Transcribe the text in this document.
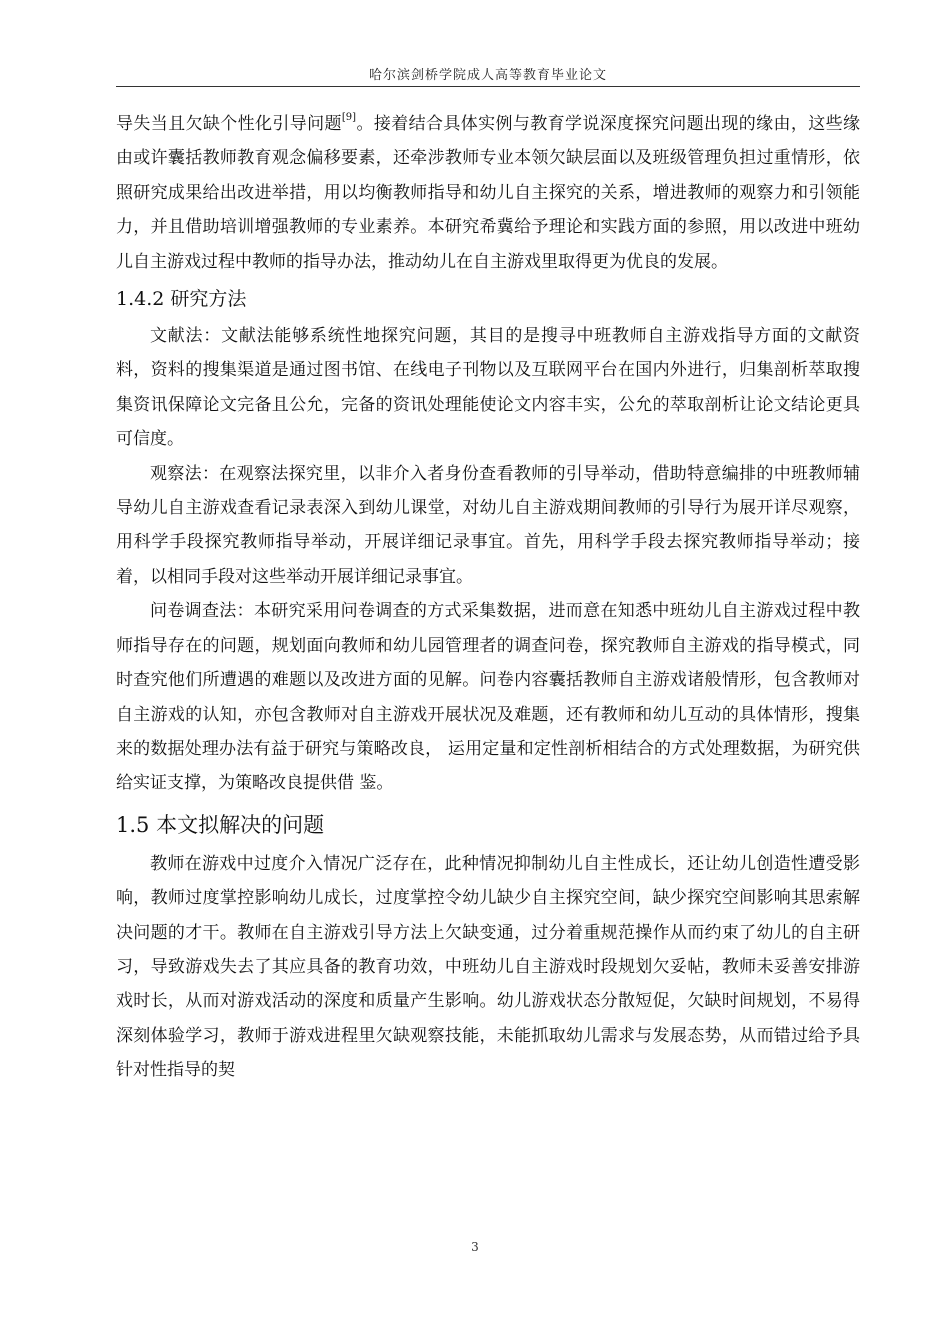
哈尔滨剑桥学院成人高等教育毕业论文

导失当且欠缺个性化引导问题[9]。接着结合具体实例与教育学说深度探究问题出现的缘由，这些缘由或许囊括教师教育观念偏移要素，还牵涉教师专业本领欠缺层面以及班级管理负担过重情形，依照研究成果给出改进举措，用以均衡教师指导和幼儿自主探究的关系，增进教师的观察力和引领能力，并且借助培训增强教师的专业素养。本研究希冀给予理论和实践方面的参照，用以改进中班幼儿自主游戏过程中教师的指导办法，推动幼儿在自主游戏里取得更为优良的发展。

1.4.2 研究方法

文献法：文献法能够系统性地探究问题，其目的是搜寻中班教师自主游戏指导方面的文献资料，资料的搜集渠道是通过图书馆、在线电子刊物以及互联网平台在国内外进行，归集剖析萃取搜集资讯保障论文完备且公允，完备的资讯处理能使论文内容丰实，公允的萃取剖析让论文结论更具可信度。

观察法：在观察法探究里，以非介入者身份查看教师的引导举动，借助特意编排的中班教师辅导幼儿自主游戏查看记录表深入到幼儿课堂，对幼儿自主游戏期间教师的引导行为展开详尽观察，用科学手段探究教师指导举动，开展详细记录事宜。首先，用科学手段去探究教师指导举动；接着，以相同手段对这些举动开展详细记录事宜。

问卷调查法：本研究采用问卷调查的方式采集数据，进而意在知悉中班幼儿自主游戏过程中教师指导存在的问题，规划面向教师和幼儿园管理者的调查问卷，探究教师自主游戏的指导模式，同时查究他们所遭遇的难题以及改进方面的见解。问卷内容囊括教师自主游戏诸般情形，包含教师对自主游戏的认知，亦包含教师对自主游戏开展状况及难题，还有教师和幼儿互动的具体情形，搜集来的数据处理办法有益于研究与策略改良， 运用定量和定性剖析相结合的方式处理数据，为研究供给实证支撑，为策略改良提供借 鉴。

1.5 本文拟解决的问题

教师在游戏中过度介入情况广泛存在，此种情况抑制幼儿自主性成长，还让幼儿创造性遭受影响，教师过度掌控影响幼儿成长，过度掌控令幼儿缺少自主探究空间，缺少探究空间影响其思索解决问题的才干。教师在自主游戏引导方法上欠缺变通，过分着重规范操作从而约束了幼儿的自主研习，导致游戏失去了其应具备的教育功效，中班幼儿自主游戏时段规划欠妥帖，教师未妥善安排游戏时长，从而对游戏活动的深度和质量产生影响。幼儿游戏状态分散短促，欠缺时间规划，不易得深刻体验学习，教师于游戏进程里欠缺观察技能，未能抓取幼儿需求与发展态势，从而错过给予具针对性指导的契

3
